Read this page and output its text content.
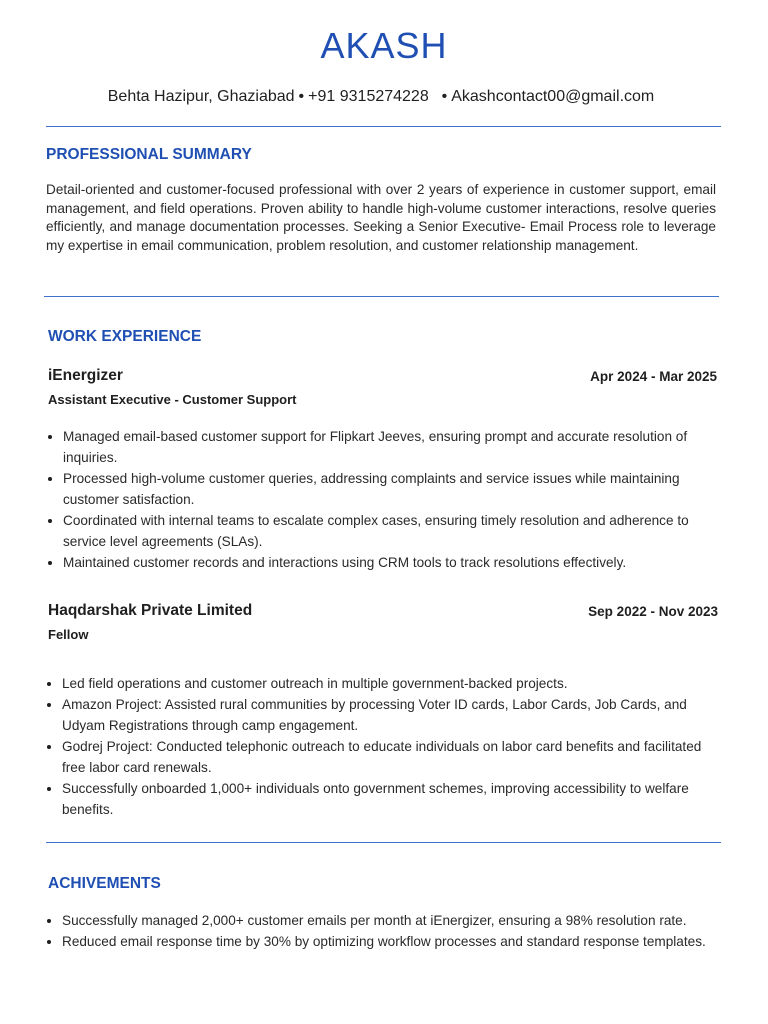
AKASH
Behta Hazipur, Ghaziabad • +91 9315274228 • Akashcontact00@gmail.com
PROFESSIONAL SUMMARY
Detail-oriented and customer-focused professional with over 2 years of experience in customer support, email management, and field operations. Proven ability to handle high-volume customer interactions, resolve queries efficiently, and manage documentation processes. Seeking a Senior Executive- Email Process role to leverage my expertise in email communication, problem resolution, and customer relationship management.
WORK EXPERIENCE
iEnergizer	Apr 2024 - Mar 2025
Assistant Executive - Customer Support
Managed email-based customer support for Flipkart Jeeves, ensuring prompt and accurate resolution of inquiries.
Processed high-volume customer queries, addressing complaints and service issues while maintaining customer satisfaction.
Coordinated with internal teams to escalate complex cases, ensuring timely resolution and adherence to service level agreements (SLAs).
Maintained customer records and interactions using CRM tools to track resolutions effectively.
Haqdarshak Private Limited	Sep 2022 - Nov 2023
Fellow
Led field operations and customer outreach in multiple government-backed projects.
Amazon Project: Assisted rural communities by processing Voter ID cards, Labor Cards, Job Cards, and Udyam Registrations through camp engagement.
Godrej Project: Conducted telephonic outreach to educate individuals on labor card benefits and facilitated free labor card renewals.
Successfully onboarded 1,000+ individuals onto government schemes, improving accessibility to welfare benefits.
ACHIVEMENTS
Successfully managed 2,000+ customer emails per month at iEnergizer, ensuring a 98% resolution rate.
Reduced email response time by 30% by optimizing workflow processes and standard response templates.
